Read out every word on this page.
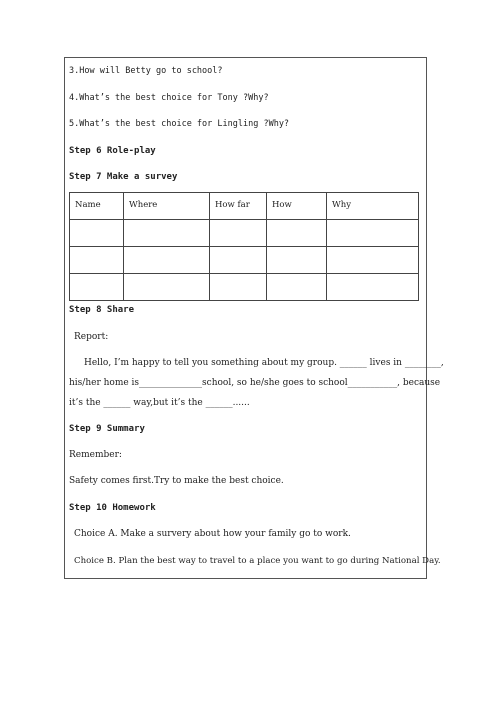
3.How will Betty go to school?
4.What’s the best choice for Tony ?Why?
5.What’s the best choice for Lingling ?Why?
Step 6 Role-play
Step 7 Make a survey
Name	Where	How far	How	Why

Step 8 Share
Report:
Hello, I’m happy to tell you something about my group. ______ lives in ________,
his/her home is______________school, so he/she goes to school___________, because
it’s the ______ way,but it’s the ______......
Step 9 Summary
Remember:
Safety comes first.Try to make the best choice.
Step 10 Homework
Choice A. Make a survery about how your family go to work.
Choice B. Plan the best way to travel to a place you want to go during National Day.
